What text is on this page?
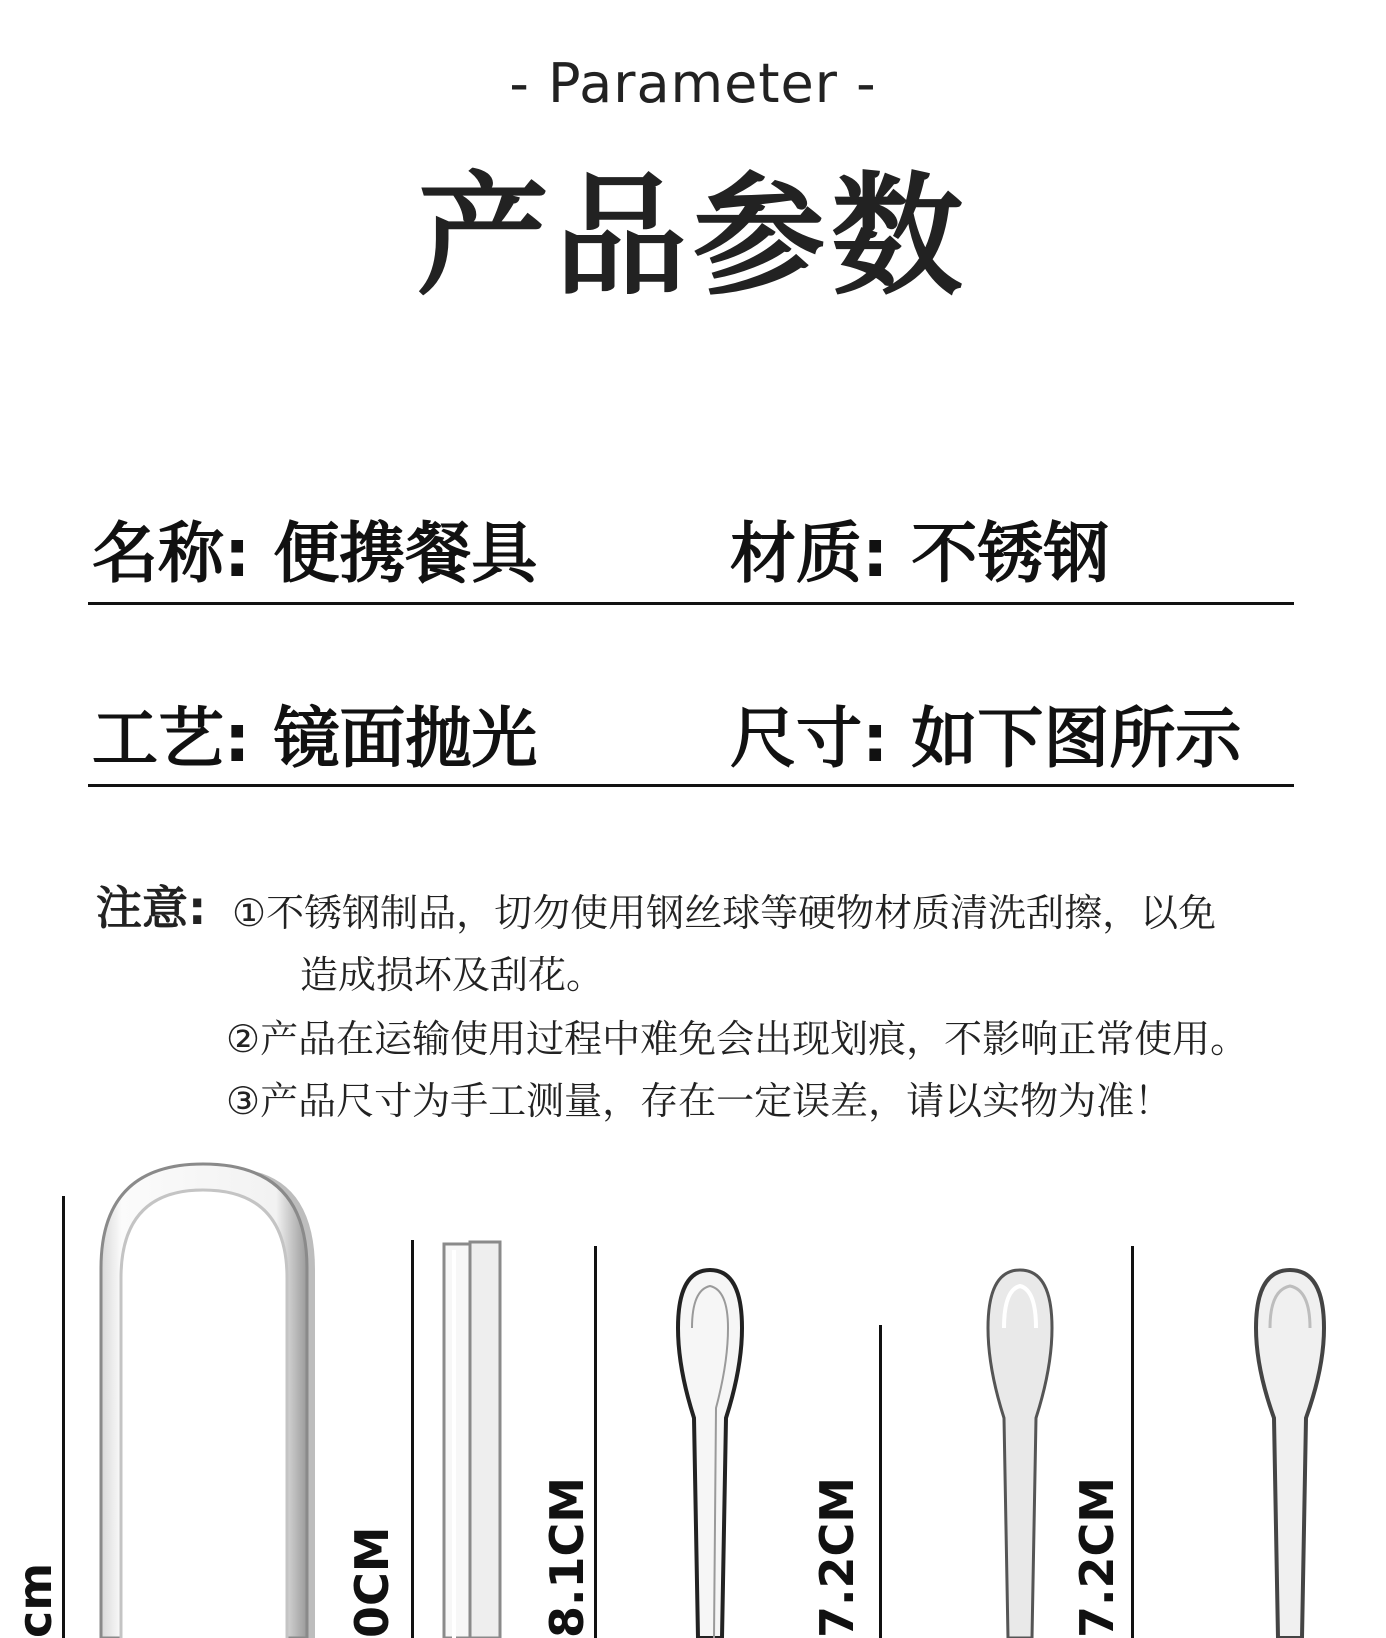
- Parameter -
产品参数
名称: 便携餐具	材质: 不锈钢
工艺: 镜面抛光	尺寸: 如下图所示
注意: ①不锈钢制品，切勿使用钢丝球等硬物材质清洗刮擦，以免
造成损坏及刮花。
②产品在运输使用过程中难免会出现划痕，不影响正常使用。
③产品尺寸为手工测量，存在一定误差，请以实物为准！
cm	0CM	8.1CM	7.2CM	7.2CM
